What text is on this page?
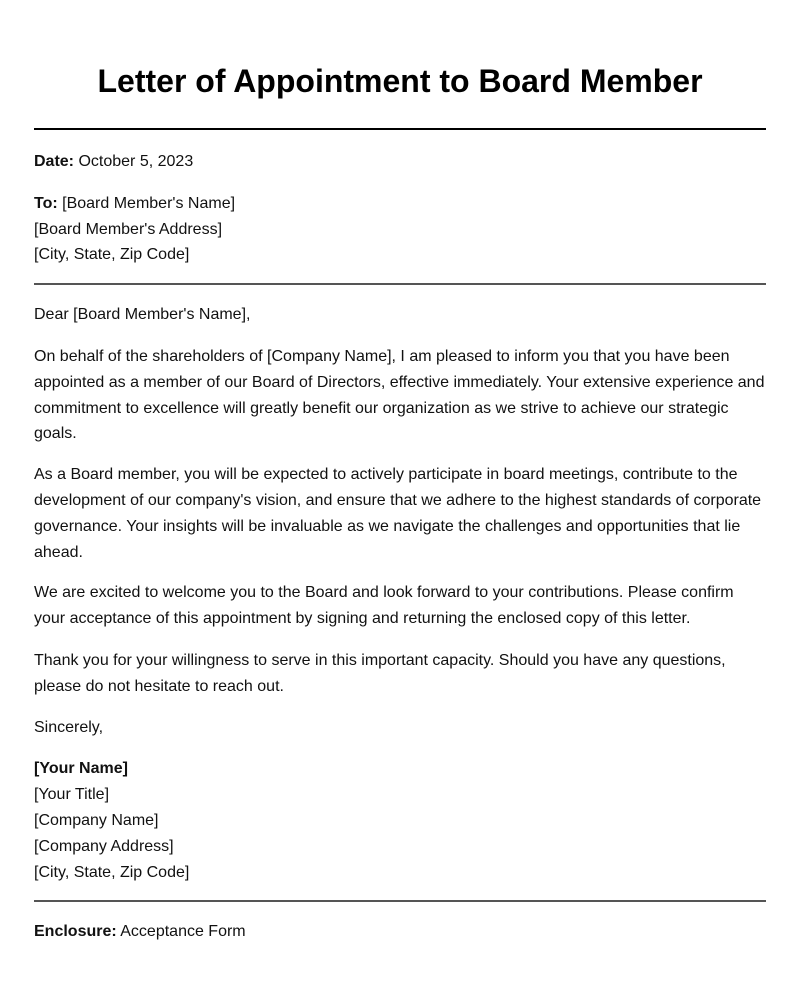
Letter of Appointment to Board Member

Date: October 5, 2023

To: [Board Member's Name]
[Board Member's Address]
[City, State, Zip Code]

Dear [Board Member's Name],

On behalf of the shareholders of [Company Name], I am pleased to inform you that you have been appointed as a member of our Board of Directors, effective immediately. Your extensive experience and commitment to excellence will greatly benefit our organization as we strive to achieve our strategic goals.

As a Board member, you will be expected to actively participate in board meetings, contribute to the development of our company's vision, and ensure that we adhere to the highest standards of corporate governance. Your insights will be invaluable as we navigate the challenges and opportunities that lie ahead.

We are excited to welcome you to the Board and look forward to your contributions. Please confirm your acceptance of this appointment by signing and returning the enclosed copy of this letter.

Thank you for your willingness to serve in this important capacity. Should you have any questions, please do not hesitate to reach out.

Sincerely,

[Your Name]
[Your Title]
[Company Name]
[Company Address]
[City, State, Zip Code]

Enclosure: Acceptance Form
